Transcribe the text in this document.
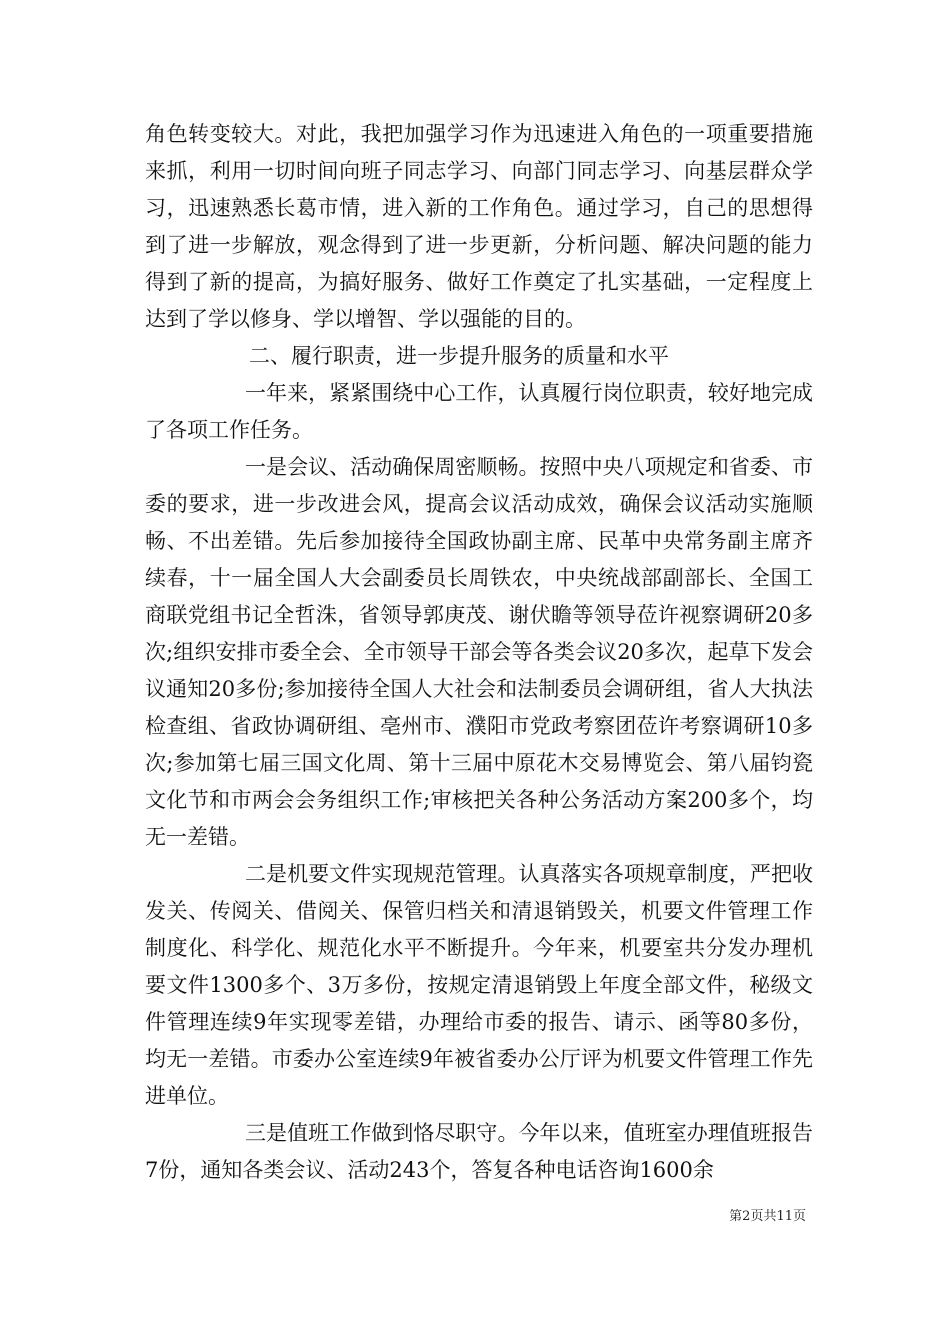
角色转变较大。对此，我把加强学习作为迅速进入角色的一项重要措施来抓，利用一切时间向班子同志学习、向部门同志学习、向基层群众学习，迅速熟悉长葛市情，进入新的工作角色。通过学习，自己的思想得到了进一步解放，观念得到了进一步更新，分析问题、解决问题的能力得到了新的提高，为搞好服务、做好工作奠定了扎实基础，一定程度上达到了学以修身、学以增智、学以强能的目的。

二、履行职责，进一步提升服务的质量和水平

一年来，紧紧围绕中心工作，认真履行岗位职责，较好地完成了各项工作任务。

一是会议、活动确保周密顺畅。按照中央八项规定和省委、市委的要求，进一步改进会风，提高会议活动成效，确保会议活动实施顺畅、不出差错。先后参加接待全国政协副主席、民革中央常务副主席齐续春，十一届全国人大会副委员长周铁农，中央统战部副部长、全国工商联党组书记全哲洙，省领导郭庚茂、谢伏瞻等领导莅许视察调研20多次;组织安排市委全会、全市领导干部会等各类会议20多次，起草下发会议通知20多份;参加接待全国人大社会和法制委员会调研组，省人大执法检查组、省政协调研组、亳州市、濮阳市党政考察团莅许考察调研10多次;参加第七届三国文化周、第十三届中原花木交易博览会、第八届钧瓷文化节和市两会会务组织工作;审核把关各种公务活动方案200多个，均无一差错。

二是机要文件实现规范管理。认真落实各项规章制度，严把收发关、传阅关、借阅关、保管归档关和清退销毁关，机要文件管理工作制度化、科学化、规范化水平不断提升。今年来，机要室共分发办理机要文件1300多个、3万多份，按规定清退销毁上年度全部文件，秘级文件管理连续9年实现零差错，办理给市委的报告、请示、函等80多份，均无一差错。市委办公室连续9年被省委办公厅评为机要文件管理工作先进单位。

三是值班工作做到恪尽职守。今年以来，值班室办理值班报告7份，通知各类会议、活动243个，答复各种电话咨询1600余

第2页共11页
